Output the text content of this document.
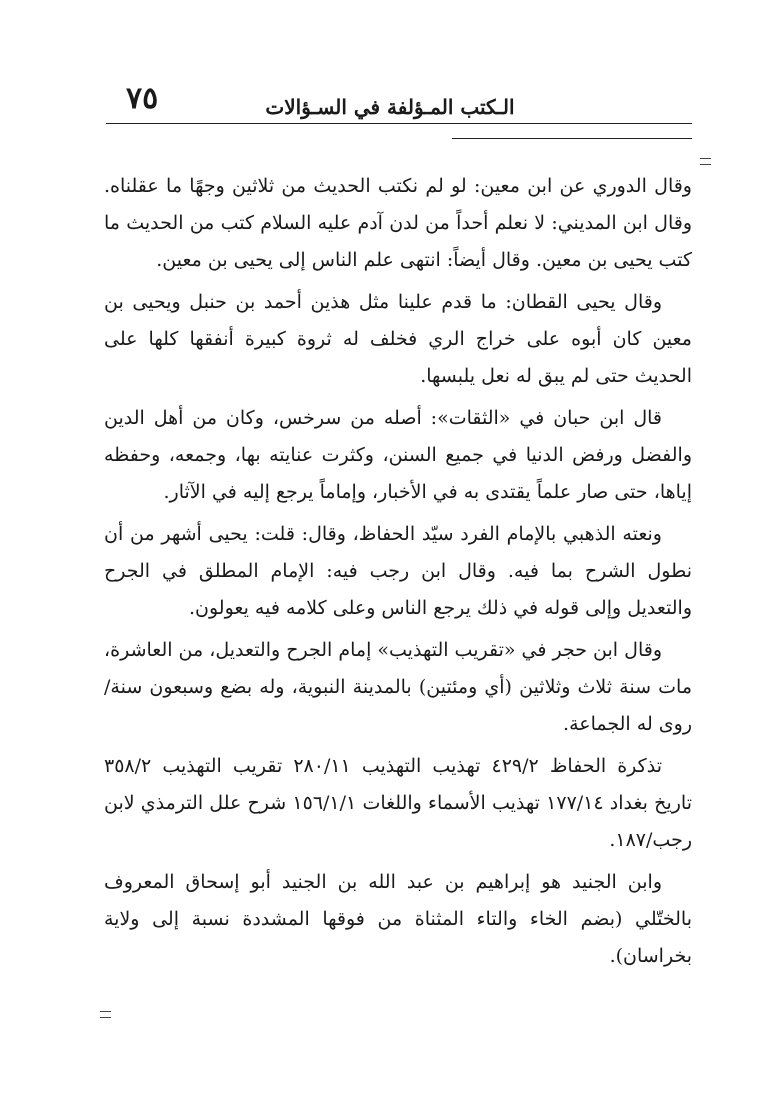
٧٥	الـكتب المـؤلفة في السـؤالات

وقال الدوري عن ابن معين: لو لم نكتب الحديث من ثلاثين وجهًا ما عقلناه. وقال ابن المديني: لا نعلم أحداً من لدن آدم عليه السلام كتب من الحديث ما كتب يحيى بن معين. وقال أيضاً: انتهى علم الناس إلى يحيى بن معين.

وقال يحيى القطان: ما قدم علينا مثل هذين أحمد بن حنبل ويحيى بن معين كان أبوه على خراج الري فخلف له ثروة كبيرة أنفقها كلها على الحديث حتى لم يبق له نعل يلبسها.

قال ابن حبان في «الثقات»: أصله من سرخس، وكان من أهل الدين والفضل ورفض الدنيا في جميع السنن، وكثرت عنايته بها، وجمعه، وحفظه إياها، حتى صار علماً يقتدى به في الأخبار، وإماماً يرجع إليه في الآثار.

ونعته الذهبي بالإمام الفرد سيّد الحفاظ، وقال: قلت: يحيى أشهر من أن نطول الشرح بما فيه. وقال ابن رجب فيه: الإمام المطلق في الجرح والتعديل وإلى قوله في ذلك يرجع الناس وعلى كلامه فيه يعولون.

وقال ابن حجر في «تقريب التهذيب» إمام الجرح والتعديل، من العاشرة، مات سنة ثلاث وثلاثين (أي ومئتين) بالمدينة النبوية، وله بضع وسبعون سنة/ روى له الجماعة.

تذكرة الحفاظ ٤٢٩/٢ تهذيب التهذيب ٢٨٠/١١ تقريب التهذيب ٣٥٨/٢ تاريخ بغداد ١٧٧/١٤ تهذيب الأسماء واللغات ١٥٦/١/١ شرح علل الترمذي لابن رجب/١٨٧.

وابن الجنيد هو إبراهيم بن عبد الله بن الجنيد أبو إسحاق المعروف بالختّلي (بضم الخاء والتاء المثناة من فوقها المشددة نسبة إلى ولاية بخراسان).
